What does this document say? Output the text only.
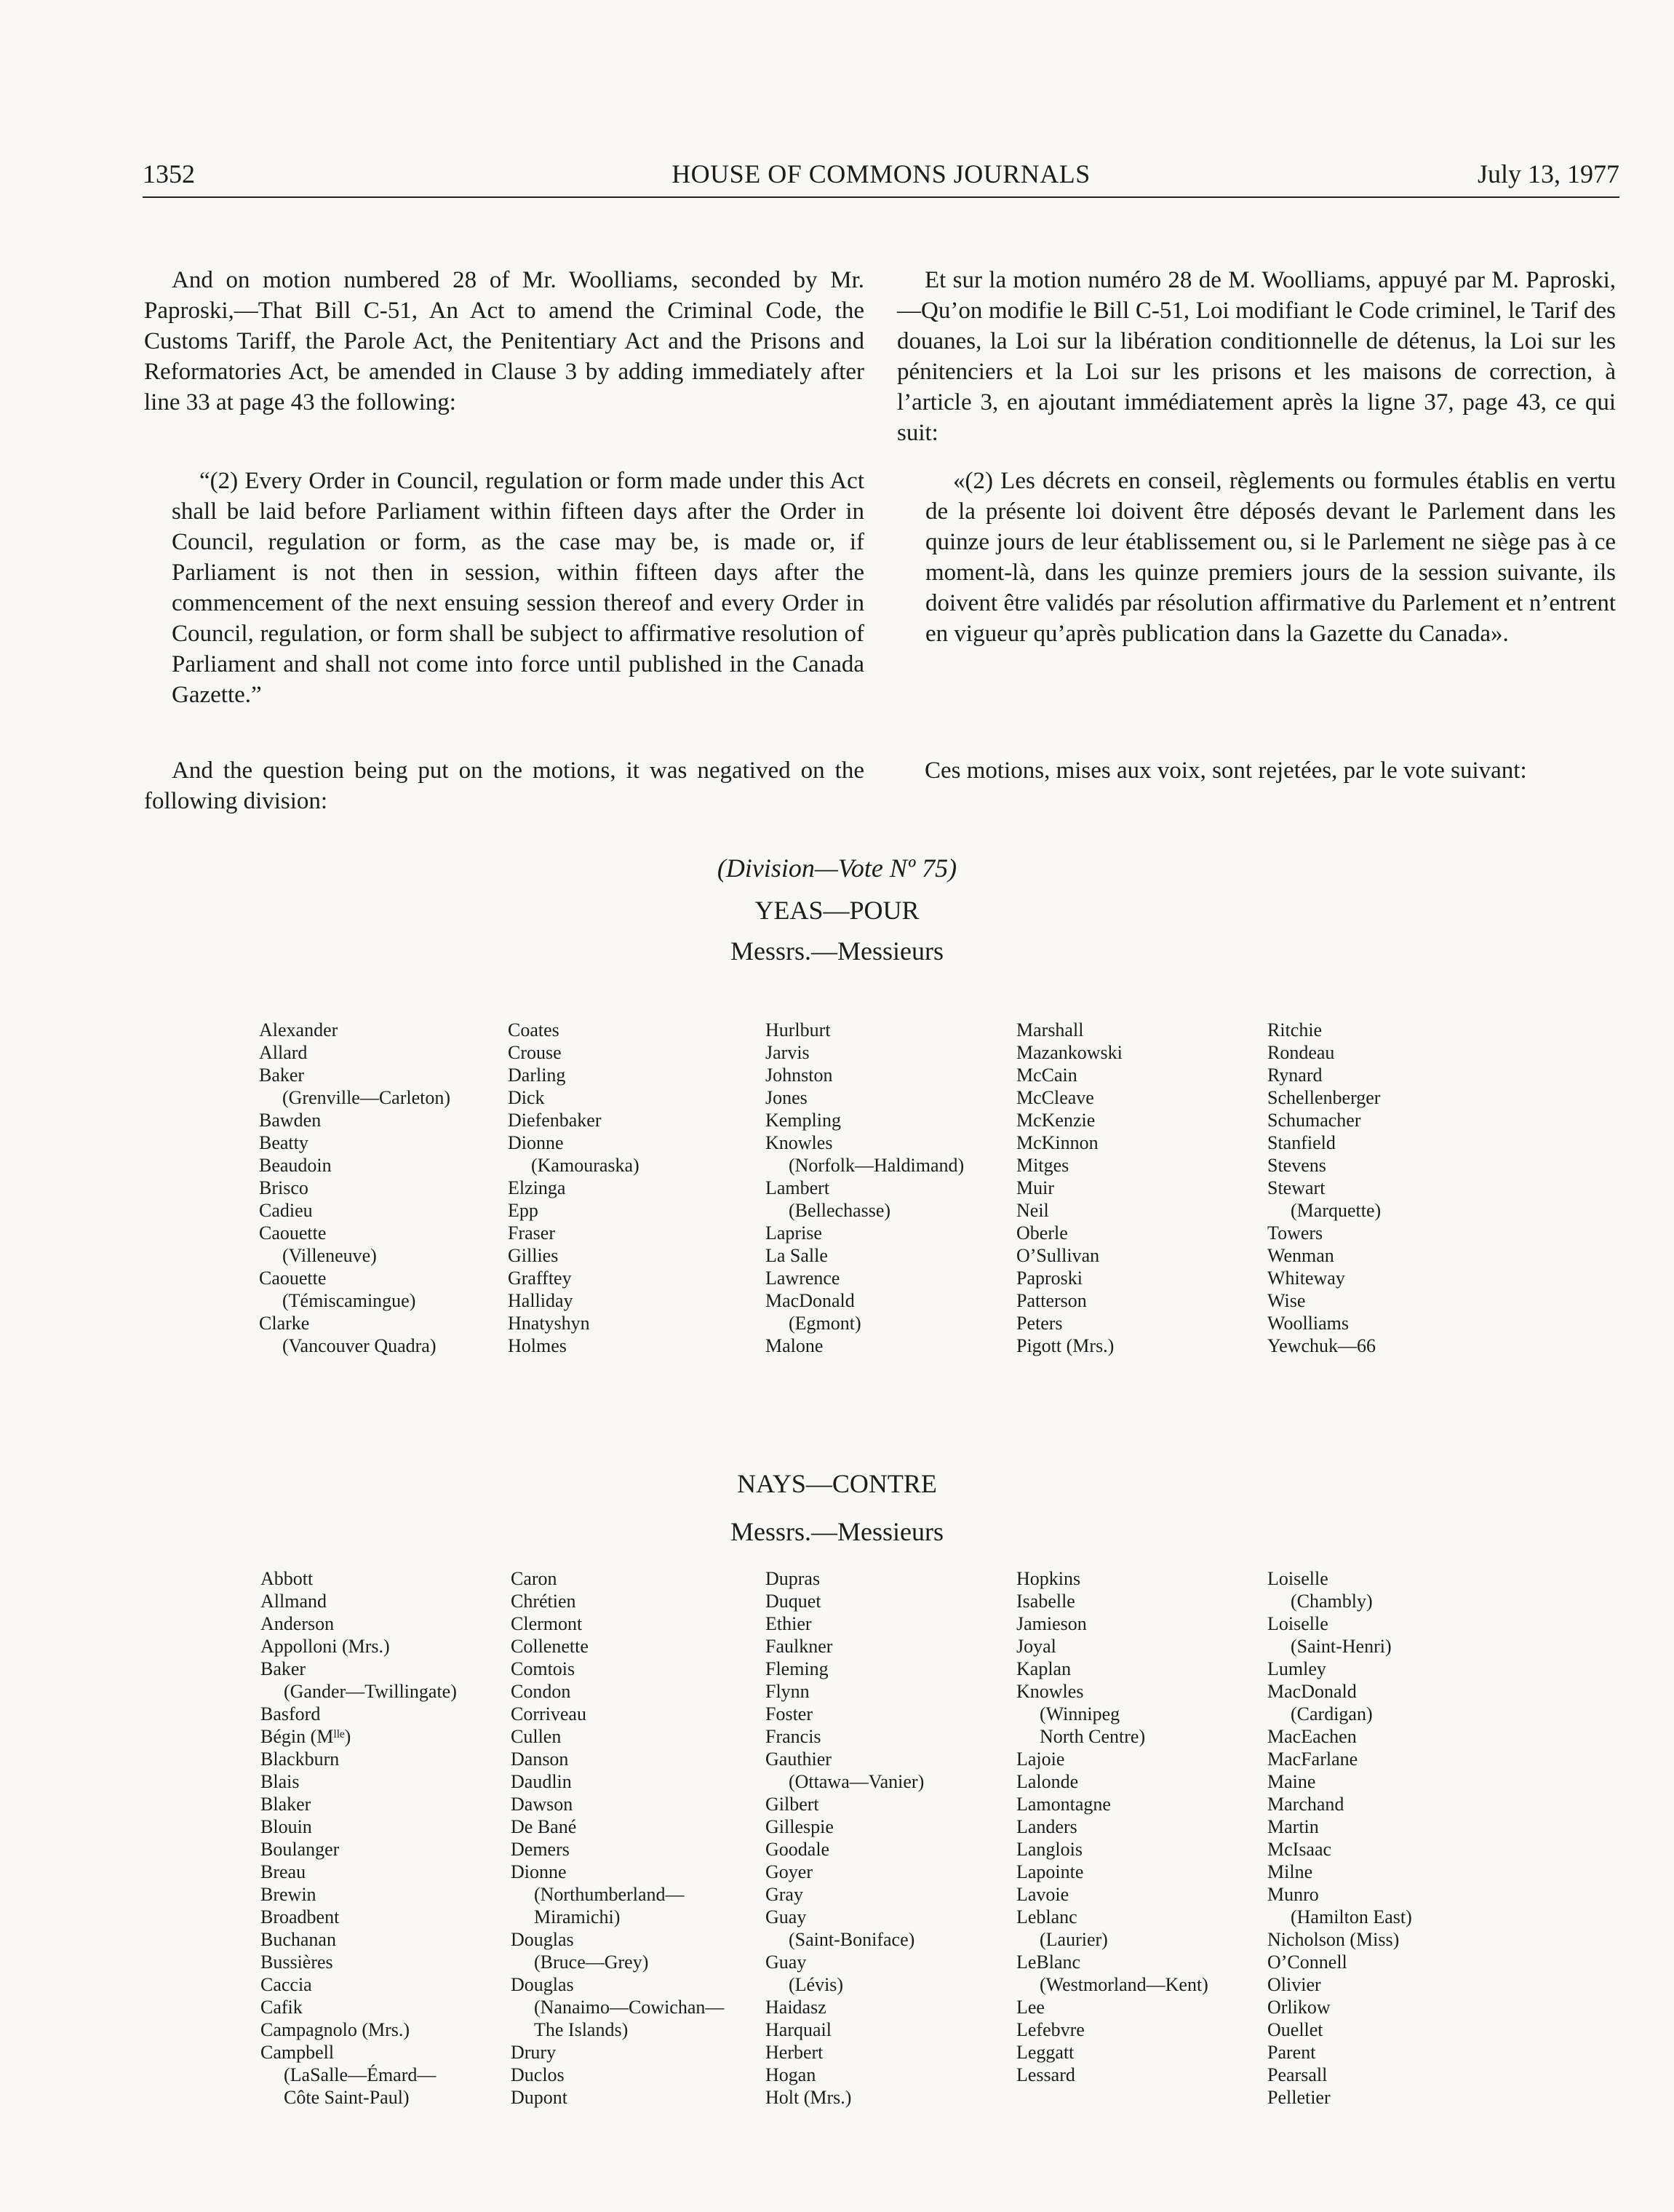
1352	HOUSE OF COMMONS JOURNALS	July 13, 1977

And on motion numbered 28 of Mr. Woolliams, seconded by Mr. Paproski,—That Bill C-51, An Act to amend the Criminal Code, the Customs Tariff, the Parole Act, the Penitentiary Act and the Prisons and Reformatories Act, be amended in Clause 3 by adding immediately after line 33 at page 43 the following:

“(2) Every Order in Council, regulation or form made under this Act shall be laid before Parliament within fifteen days after the Order in Council, regulation or form, as the case may be, is made or, if Parliament is not then in session, within fifteen days after the commencement of the next ensuing session thereof and every Order in Council, regulation, or form shall be subject to affirmative resolution of Parliament and shall not come into force until published in the Canada Gazette.”

And the question being put on the motions, it was negatived on the following division:

Et sur la motion numéro 28 de M. Woolliams, appuyé par M. Paproski,—Qu’on modifie le Bill C-51, Loi modifiant le Code criminel, le Tarif des douanes, la Loi sur la libération conditionnelle de détenus, la Loi sur les pénitenciers et la Loi sur les prisons et les maisons de correction, à l’article 3, en ajoutant immédiatement après la ligne 37, page 43, ce qui suit:

«(2) Les décrets en conseil, règlements ou formules établis en vertu de la présente loi doivent être déposés devant le Parlement dans les quinze jours de leur établissement ou, si le Parlement ne siège pas à ce moment-là, dans les quinze premiers jours de la session suivante, ils doivent être validés par résolution affirmative du Parlement et n’entrent en vigueur qu’après publication dans la Gazette du Canada».

Ces motions, mises aux voix, sont rejetées, par le vote suivant:

(Division—Vote Nº 75)
YEAS—POUR
Messrs.—Messieurs
Alexander
Allard
Baker
(Grenville—Carleton)
Bawden
Beatty
Beaudoin
Brisco
Cadieu
Caouette
(Villeneuve)
Caouette
(Témiscamingue)
Clarke
(Vancouver Quadra)
Coates
Crouse
Darling
Dick
Diefenbaker
Dionne
(Kamouraska)
Elzinga
Epp
Fraser
Gillies
Grafftey
Halliday
Hnatyshyn
Holmes
Hurlburt
Jarvis
Johnston
Jones
Kempling
Knowles
(Norfolk—Haldimand)
Lambert
(Bellechasse)
Laprise
La Salle
Lawrence
MacDonald
(Egmont)
Malone
Marshall
Mazankowski
McCain
McCleave
McKenzie
McKinnon
Mitges
Muir
Neil
Oberle
O’Sullivan
Paproski
Patterson
Peters
Pigott (Mrs.)
Ritchie
Rondeau
Rynard
Schellenberger
Schumacher
Stanfield
Stevens
Stewart
(Marquette)
Towers
Wenman
Whiteway
Wise
Woolliams
Yewchuk—66
NAYS—CONTRE
Messrs.—Messieurs
Abbott
Allmand
Anderson
Appolloni (Mrs.)
Baker
(Gander—Twillingate)
Basford
Bégin (Mˡˡᵉ)
Blackburn
Blais
Blaker
Blouin
Boulanger
Breau
Brewin
Broadbent
Buchanan
Bussières
Caccia
Cafik
Campagnolo (Mrs.)
Campbell
(LaSalle—Émard—
Côte Saint-Paul)
Caron
Chrétien
Clermont
Collenette
Comtois
Condon
Corriveau
Cullen
Danson
Daudlin
Dawson
De Bané
Demers
Dionne
(Northumberland—
Miramichi)
Douglas
(Bruce—Grey)
Douglas
(Nanaimo—Cowichan—
The Islands)
Drury
Duclos
Dupont
Dupras
Duquet
Ethier
Faulkner
Fleming
Flynn
Foster
Francis
Gauthier
(Ottawa—Vanier)
Gilbert
Gillespie
Goodale
Goyer
Gray
Guay
(Saint-Boniface)
Guay
(Lévis)
Haidasz
Harquail
Herbert
Hogan
Holt (Mrs.)
Hopkins
Isabelle
Jamieson
Joyal
Kaplan
Knowles
(Winnipeg
North Centre)
Lajoie
Lalonde
Lamontagne
Landers
Langlois
Lapointe
Lavoie
Leblanc
(Laurier)
LeBlanc
(Westmorland—Kent)
Lee
Lefebvre
Leggatt
Lessard
Loiselle
(Chambly)
Loiselle
(Saint-Henri)
Lumley
MacDonald
(Cardigan)
MacEachen
MacFarlane
Maine
Marchand
Martin
McIsaac
Milne
Munro
(Hamilton East)
Nicholson (Miss)
O’Connell
Olivier
Orlikow
Ouellet
Parent
Pearsall
Pelletier
